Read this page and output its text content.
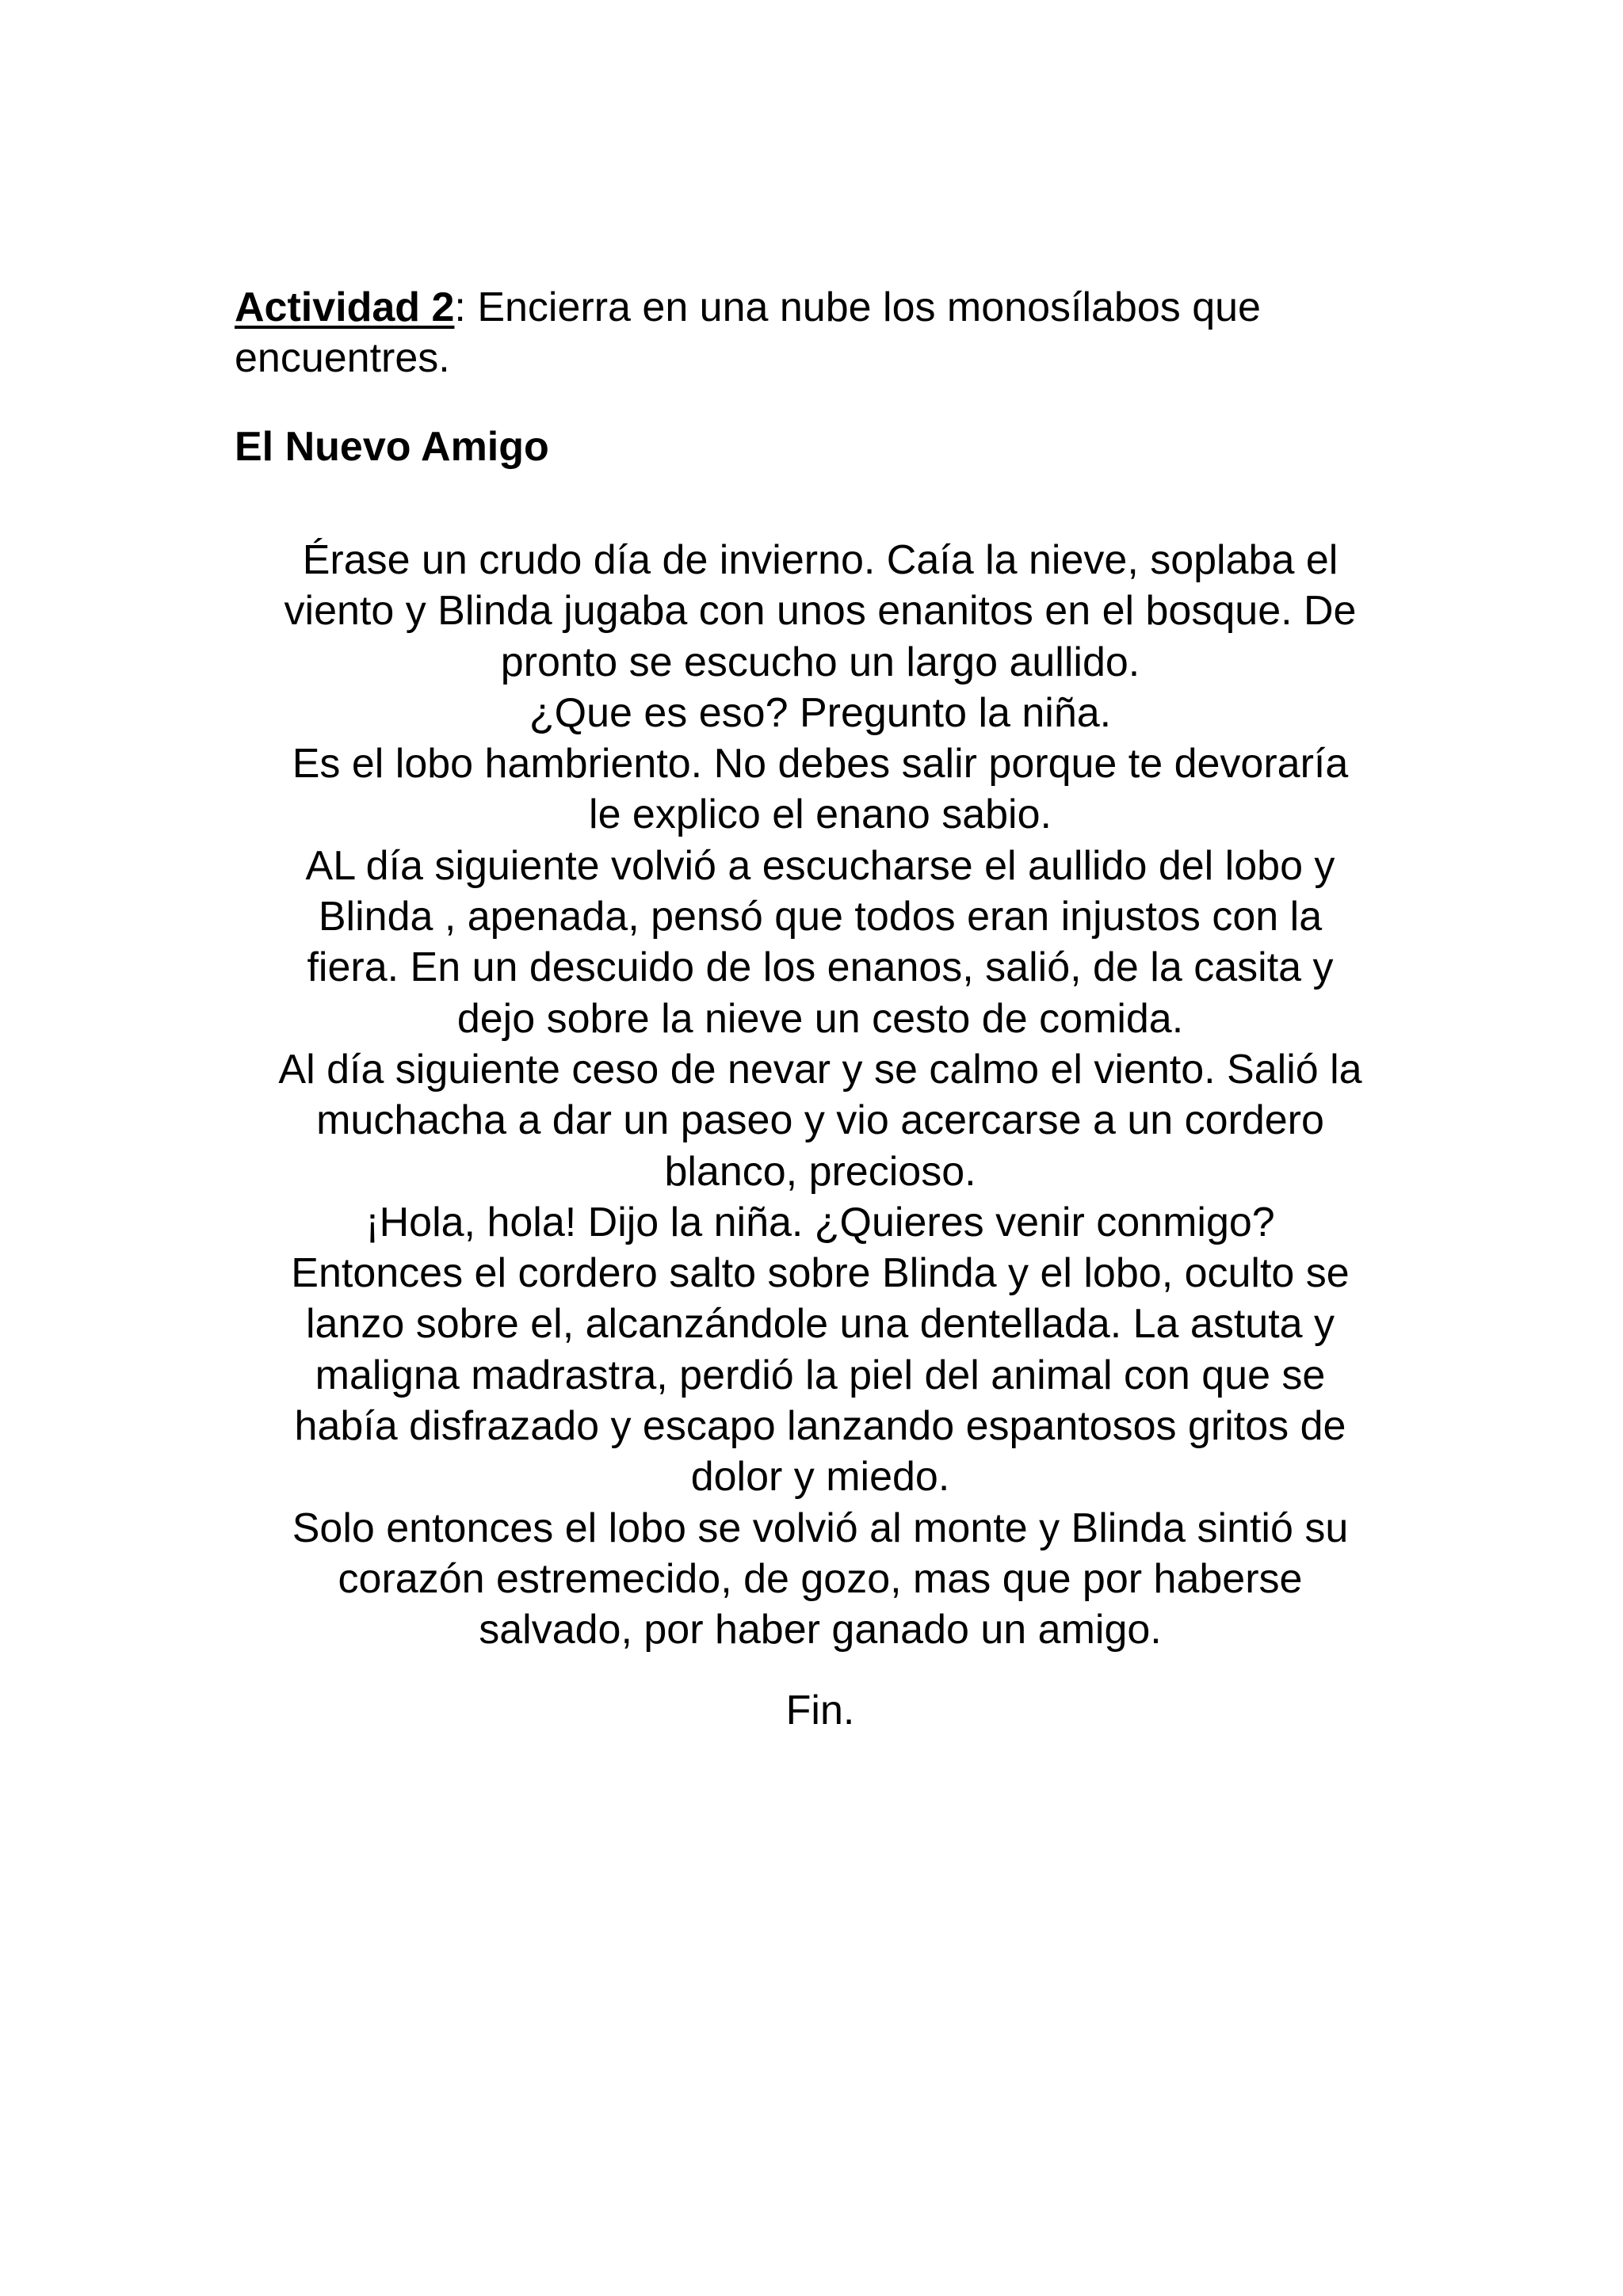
Actividad 2: Encierra en una nube los monosílabos que
encuentres.

El Nuevo Amigo

Érase un crudo día de invierno. Caía la nieve, soplaba el
viento y Blinda jugaba con unos enanitos en el bosque. De
pronto se escucho un largo aullido.
¿Que es eso? Pregunto la niña.
Es el lobo hambriento. No debes salir porque te devoraría
le explico el enano sabio.
AL día siguiente volvió a escucharse el aullido del lobo y
Blinda , apenada, pensó que todos eran injustos con la
fiera. En un descuido de los enanos, salió, de la casita y
dejo sobre la nieve un cesto de comida.
Al día siguiente ceso de nevar y se calmo el viento. Salió la
muchacha a dar un paseo y vio acercarse a un cordero
blanco, precioso.
¡Hola, hola! Dijo la niña. ¿Quieres venir conmigo?
Entonces el cordero salto sobre Blinda y el lobo, oculto se
lanzo sobre el, alcanzándole una dentellada. La astuta y
maligna madrastra, perdió la piel del animal con que se
había disfrazado y escapo lanzando espantosos gritos de
dolor y miedo.
Solo entonces el lobo se volvió al monte y Blinda sintió su
corazón estremecido, de gozo, mas que por haberse
salvado, por haber ganado un amigo.

Fin.
